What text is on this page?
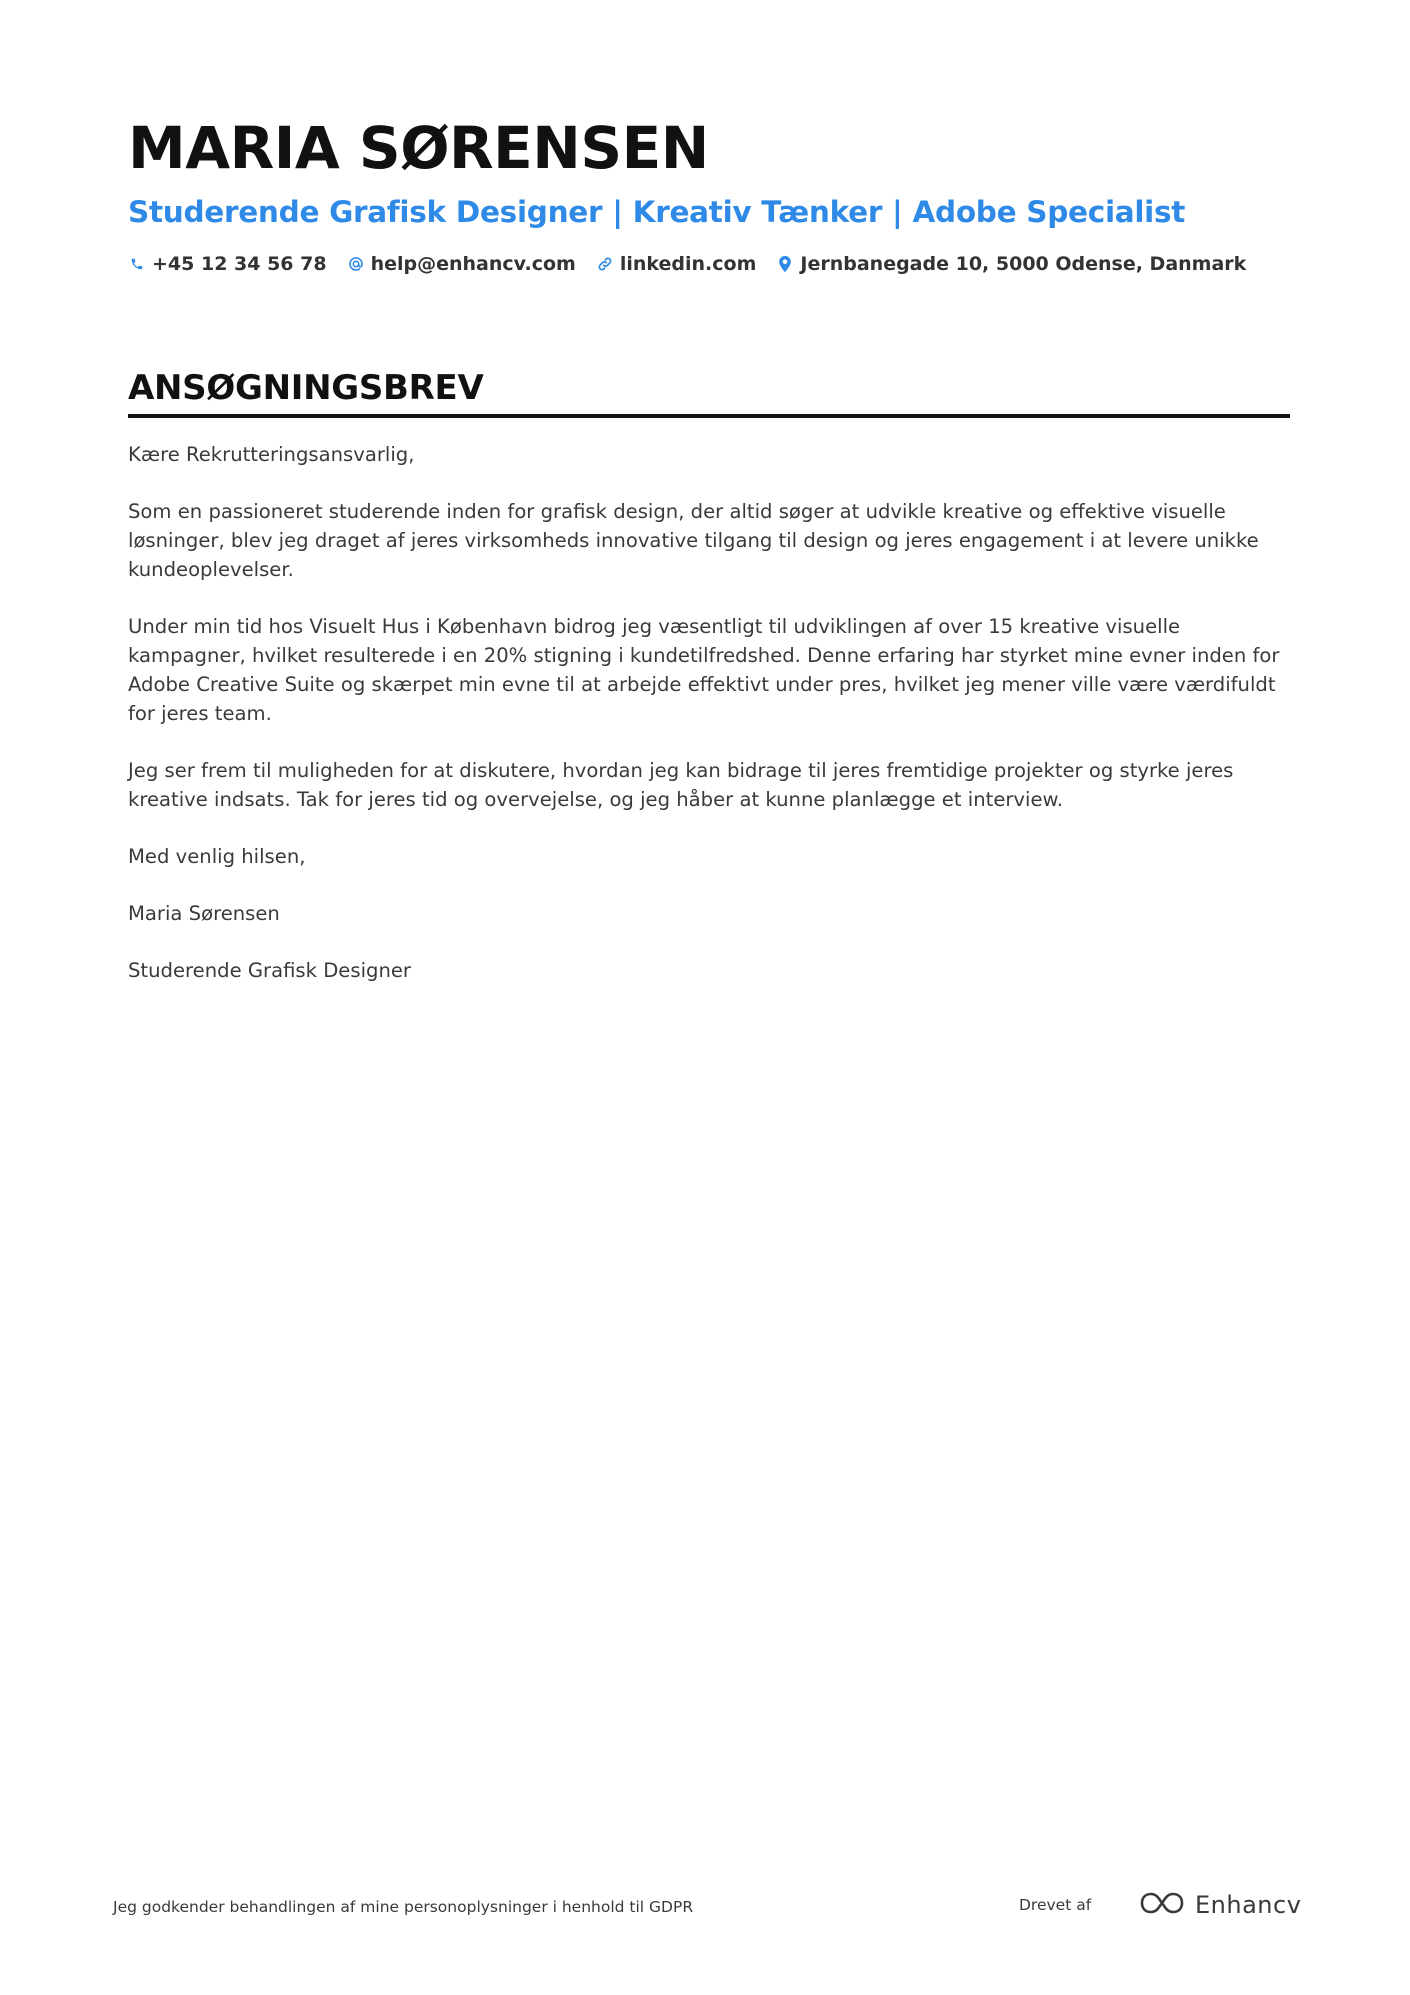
MARIA SØRENSEN
Studerende Grafisk Designer | Kreativ Tænker | Adobe Specialist
+45 12 34 56 78 help@enhancv.com linkedin.com Jernbanegade 10, 5000 Odense, Danmark
ANSØGNINGSBREV

Kære Rekrutteringsansvarlig,

Som en passioneret studerende inden for grafisk design, der altid søger at udvikle kreative og effektive visuelle løsninger, blev jeg draget af jeres virksomheds innovative tilgang til design og jeres engagement i at levere unikke kundeoplevelser.

Under min tid hos Visuelt Hus i København bidrog jeg væsentligt til udviklingen af over 15 kreative visuelle kampagner, hvilket resulterede i en 20% stigning i kundetilfredshed. Denne erfaring har styrket mine evner inden for Adobe Creative Suite og skærpet min evne til at arbejde effektivt under pres, hvilket jeg mener ville være værdifuldt for jeres team.

Jeg ser frem til muligheden for at diskutere, hvordan jeg kan bidrage til jeres fremtidige projekter og styrke jeres kreative indsats. Tak for jeres tid og overvejelse, og jeg håber at kunne planlægge et interview.

Med venlig hilsen,

Maria Sørensen

Studerende Grafisk Designer

Jeg godkender behandlingen af mine personoplysninger i henhold til GDPR	Drevet af	Enhancv
